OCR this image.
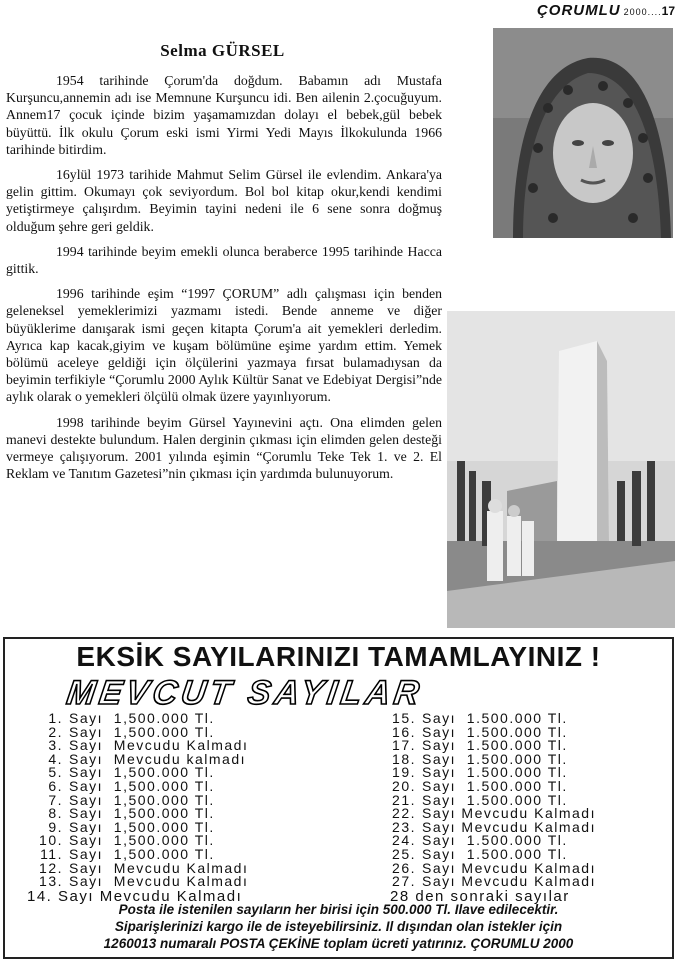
ÇORUMLU 2000....17
Selma GÜRSEL

1954 tarihinde Çorum'da doğdum. Babamın adı Mustafa Kurşuncu,annemin adı ise Memnune Kurşuncu idi. Ben ailenin 2.çocuğuyum. Annem17 çocuk içinde bizim yaşamamızdan dolayı el bebek,gül bebek büyüttü. İlk okulu Çorum eski ismi Yirmi Yedi Mayıs İlkokulunda 1966 tarihinde bitirdim.

16ylül 1973 tarihide Mahmut Selim Gürsel ile evlendim. Ankara'ya gelin gittim. Okumayı çok seviyordum. Bol bol kitap okur,kendi kendimi yetiştirmeye çalışırdım. Beyimin tayini nedeni ile 6 sene sonra doğmuş olduğum şehre geri geldik.

1994 tarihinde beyim emekli olunca beraberce 1995 tarihinde Hacca gittik.

1996 tarihinde eşim “1997 ÇORUM” adlı çalışması için benden geleneksel yemeklerimizi yazmamı istedi. Bende anneme ve diğer büyüklerime danışarak ismi geçen kitapta Çorum'a ait yemekleri derledim. Ayrıca kap kacak,giyim ve kuşam bölümüne eşime yardım ettim. Yemek bölümü aceleye geldiği için ölçülerini yazmaya fırsat bulamadıysan da beyimin terfikiyle “Çorumlu 2000 Aylık Kültür Sanat ve Edebiyat Dergisi”nde aylık olarak o yemekleri ölçülü olmak üzere yayınlıyorum.

1998 tarihinde beyim Gürsel Yayınevini açtı. Ona elimden gelen manevi destekte bulundum. Halen derginin çıkması için elimden gelen desteği vermeye çalışıyorum. 2001 yılında eşimin “Çorumlu Teke Tek 1. ve 2. El Reklam ve Tanıtım Gazetesi”nin çıkması için yardımda bulunuyorum.

EKSİK SAYILARINIZI TAMAMLAYINIZ !
MEVCUT SAYILAR
1. Sayı  1,500.000 Tl.
2. Sayı  1,500.000 Tl.
3. Sayı  Mevcudu Kalmadı
4. Sayı  Mevcudu kalmadı
5. Sayı  1,500.000 Tl.
6. Sayı  1,500.000 Tl.
7. Sayı  1,500.000 Tl.
8. Sayı  1,500.000 Tl.
9. Sayı  1,500.000 Tl.
10. Sayı  1,500.000 Tl.
11. Sayı  1,500.000 Tl.
12. Sayı  Mevcudu Kalmadı
13. Sayı  Mevcudu Kalmadı
15. Sayı  1.500.000 Tl.
16. Sayı  1.500.000 Tl.
17. Sayı  1.500.000 Tl.
18. Sayı  1.500.000 Tl.
19. Sayı  1.500.000 Tl.
20. Sayı  1.500.000 Tl.
21. Sayı  1.500.000 Tl.
22. Sayı Mevcudu Kalmadı
23. Sayı Mevcudu Kalmadı
24. Sayı  1.500.000 Tl.
25. Sayı  1.500.000 Tl.
26. Sayı Mevcudu Kalmadı
27. Sayı Mevcudu Kalmadı
14. Sayı Mevcudu Kalmadı	28 den sonraki sayılar
Posta ile istenilen sayıların her birisi için 500.000 Tl. Ilave edilecektir.
Siparişlerinizi kargo ile de isteyebilirsiniz. Il dışından olan istekler için
1260013 numaralı POSTA ÇEKİNE toplam ücreti yatırınız. ÇORUMLU 2000
